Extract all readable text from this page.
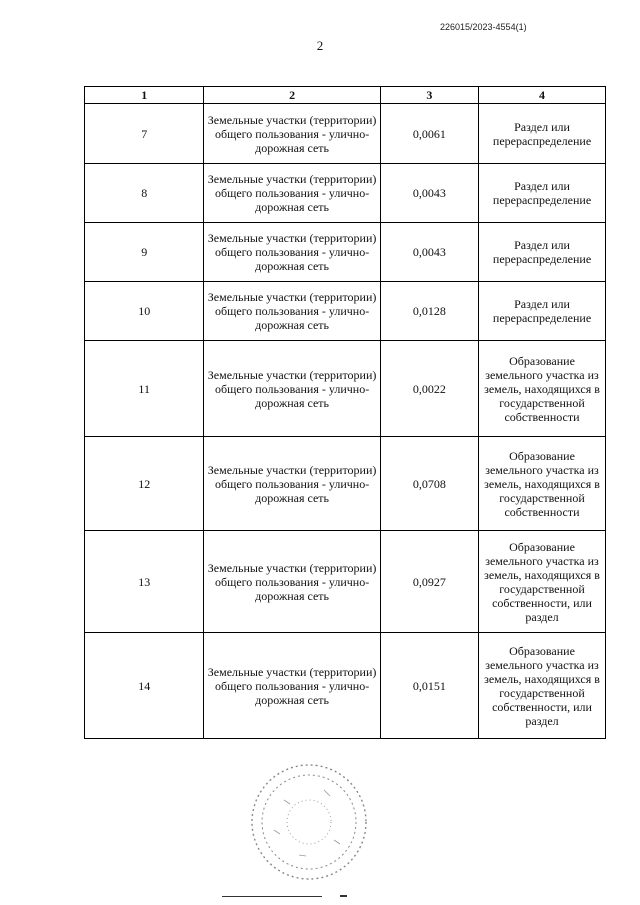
226015/2023-4554(1)
2
1	2	3	4
7	Земельные участки (территории) общего пользования - улично-дорожная сеть	0,0061	Раздел или перераспределение
8	Земельные участки (территории) общего пользования - улично-дорожная сеть	0,0043	Раздел или перераспределение
9	Земельные участки (территории) общего пользования - улично-дорожная сеть	0,0043	Раздел или перераспределение
10	Земельные участки (территории) общего пользования - улично-дорожная сеть	0,0128	Раздел или перераспределение
11	Земельные участки (территории) общего пользования - улично-дорожная сеть	0,0022	Образование земельного участка из земель, находящихся в государственной собственности
12	Земельные участки (территории) общего пользования - улично-дорожная сеть	0,0708	Образование земельного участка из земель, находящихся в государственной собственности
13	Земельные участки (территории) общего пользования - улично-дорожная сеть	0,0927	Образование земельного участка из земель, находящихся в государственной собственности, или раздел
14	Земельные участки (территории) общего пользования - улично-дорожная сеть	0,0151	Образование земельного участка из земель, находящихся в государственной собственности, или раздел
